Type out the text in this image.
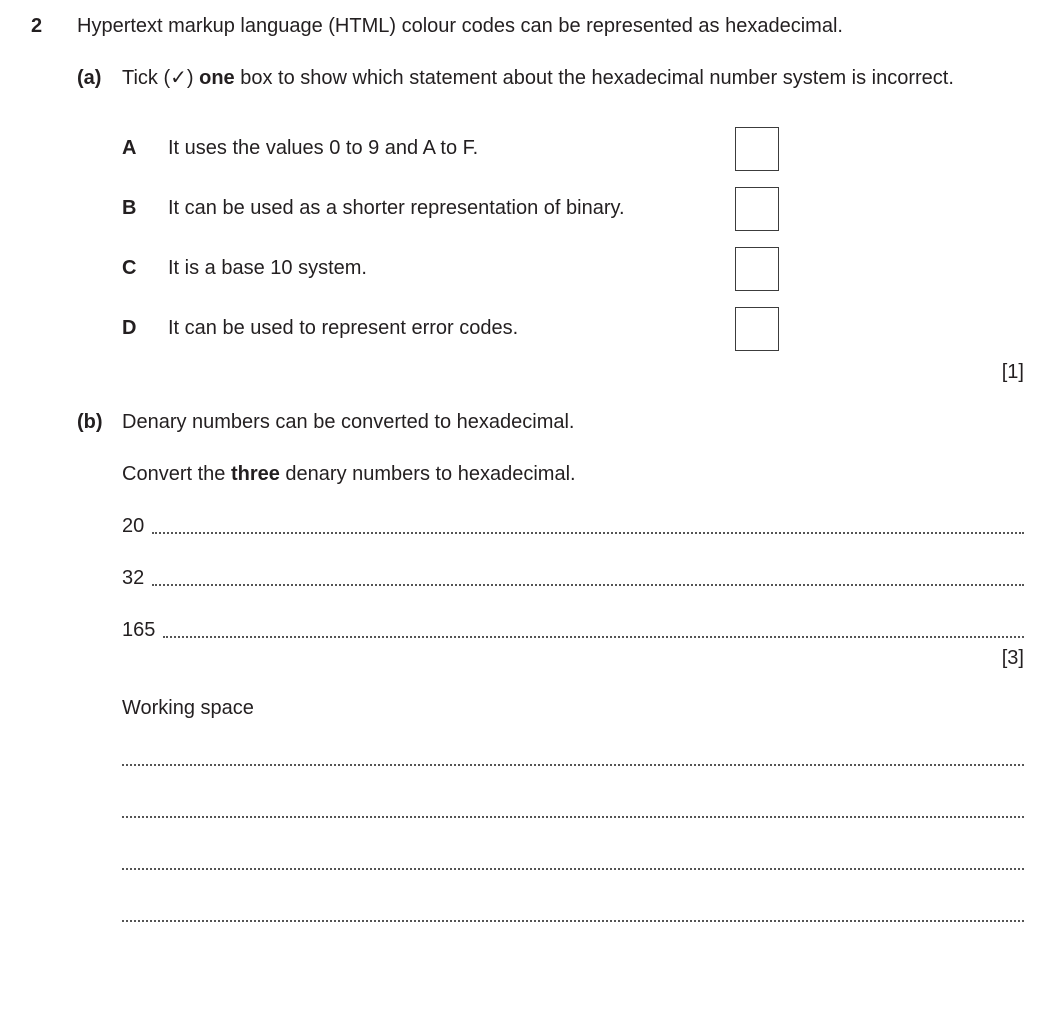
2 Hypertext markup language (HTML) colour codes can be represented as hexadecimal.
(a) Tick (✓) one box to show which statement about the hexadecimal number system is incorrect.
A It uses the values 0 to 9 and A to F.
B It can be used as a shorter representation of binary.
C It is a base 10 system.
D It can be used to represent error codes.
[1]
(b) Denary numbers can be converted to hexadecimal.
Convert the three denary numbers to hexadecimal.
20
32
165
[3]
Working space
